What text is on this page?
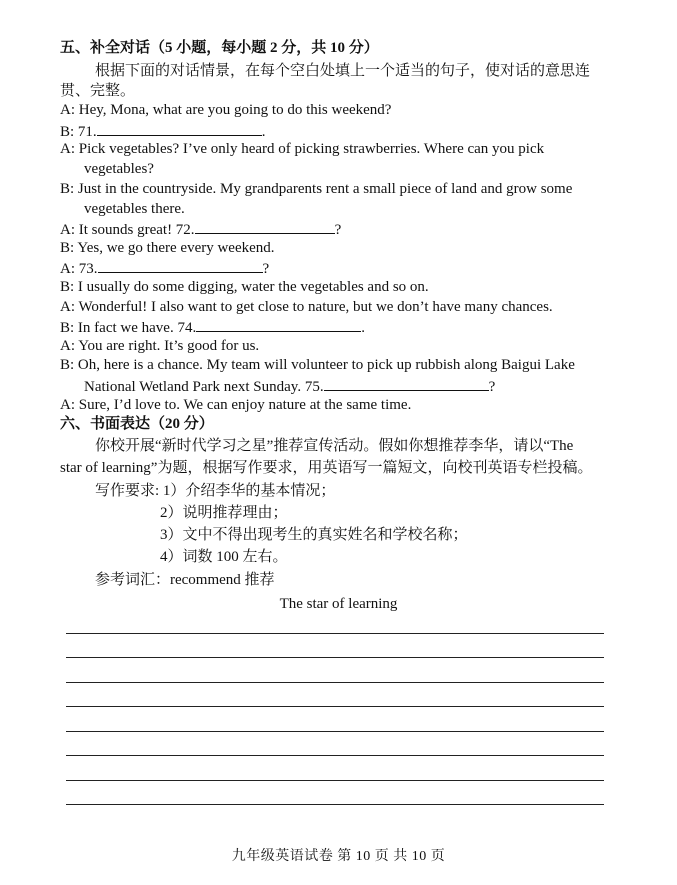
五、补全对话（5 小题，每小题 2 分，共 10 分）
根据下面的对话情景，在每个空白处填上一个适当的句子，使对话的意思连
贯、完整。
A: Hey, Mona, what are you going to do this weekend?
B: 71.	.
A: Pick vegetables? I’ve only heard of picking strawberries. Where can you pick
vegetables?
B: Just in the countryside. My grandparents rent a small piece of land and grow some
vegetables there.
A: It sounds great! 72.	?
B: Yes, we go there every weekend.
A: 73.	?
B: I usually do some digging, water the vegetables and so on.
A: Wonderful! I also want to get close to nature, but we don’t have many chances.
B: In fact we have. 74.	.
A: You are right. It’s good for us.
B: Oh, here is a chance. My team will volunteer to pick up rubbish along Baigui Lake
National Wetland Park next Sunday. 75.	?
A: Sure, I’d love to. We can enjoy nature at the same time.
六、书面表达（20 分）
你校开展“新时代学习之星”推荐宣传活动。假如你想推荐李华，请以“The
star of learning”为题，根据写作要求，用英语写一篇短文，向校刊英语专栏投稿。
写作要求: 1）介绍李华的基本情况；
2）说明推荐理由；
3）文中不得出现考生的真实姓名和学校名称；
4）词数 100 左右。
参考词汇：recommend 推荐
The star of learning
九年级英语试卷 第 10 页 共 10 页
